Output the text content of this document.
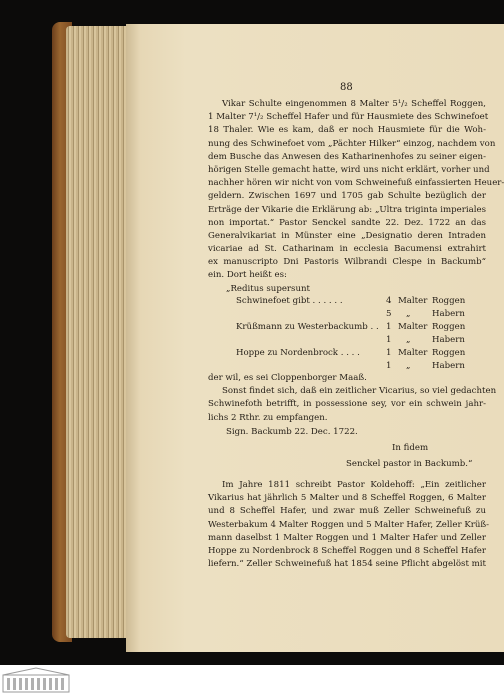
88
Vikar Schulte eingenommen 8 Malter 5¹/₂ Scheffel Roggen,
1 Malter 7¹/₂ Scheffel Hafer und für Hausmiete des Schwinefoet
18 Thaler. Wie es kam, daß er noch Hausmiete für die Woh-
nung des Schwinefoet vom „Pächter Hilker“ einzog, nachdem von
dem Busche das Anwesen des Katharinenhofes zu seiner eigen-
hörigen Stelle gemacht hatte, wird uns nicht erklärt, vorher und
nachher hören wir nicht von vom Schweinefuß einfassierten Heuer-
geldern. Zwischen 1697 und 1705 gab Schulte bezüglich der
Erträge der Vikarie die Erklärung ab: „Ultra triginta imperiales
non importat.“ Pastor Senckel sandte 22. Dez. 1722 an das
Generalvikariat in Münster eine „Designatio deren Intraden
vicariae ad St. Catharinam in ecclesia Bacumensi extrahirt
ex manuscripto Dni Pastoris Wilbrandi Clespe in Backumb“
ein. Dort heißt es:
„Reditus supersunt
Schwinefoet gibt . . . . . .	4 Malter Roggen
5 „	Habern
Krüßmann zu Westerbackumb . . 1 Malter Roggen
1 „	Habern
Hoppe zu Nordenbrock . . . .	1 Malter Roggen
1 „	Habern
der wil, es sei Cloppenborger Maaß.
Sonst findet sich, daß ein zeitlicher Vicarius, so viel gedachten
Schwinefoth betrifft, in possessione sey, vor ein schwein jahr-
lichs 2 Rthr. zu empfangen.
Sign. Backumb 22. Dec. 1722.
In fidem
Senckel pastor in Backumb.“
Im Jahre 1811 schreibt Pastor Koldehoff: „Ein zeitlicher
Vikarius hat jährlich 5 Malter und 8 Scheffel Roggen, 6 Malter
und 8 Scheffel Hafer, und zwar muß Zeller Schweinefuß zu
Westerbakum 4 Malter Roggen und 5 Malter Hafer, Zeller Krüß-
mann daselbst 1 Malter Roggen und 1 Malter Hafer und Zeller
Hoppe zu Nordenbrock 8 Scheffel Roggen und 8 Scheffel Hafer
liefern.“ Zeller Schweinefuß hat 1854 seine Pflicht abgelöst mit
